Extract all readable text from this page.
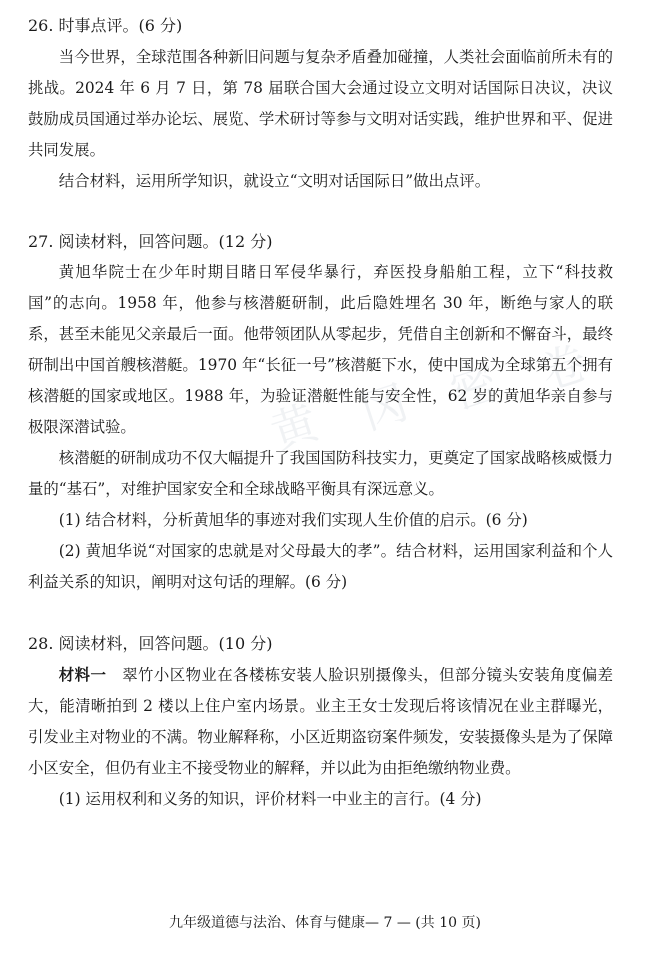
黄 冈 密 卷
26. 时事点评。(6 分)

当今世界，全球范围各种新旧问题与复杂矛盾叠加碰撞，人类社会面临前所未有的挑战。2024 年 6 月 7 日，第 78 届联合国大会通过设立文明对话国际日决议，决议鼓励成员国通过举办论坛、展览、学术研讨等参与文明对话实践，维护世界和平、促进共同发展。

结合材料，运用所学知识，就设立“文明对话国际日”做出点评。

27. 阅读材料，回答问题。(12 分)

黄旭华院士在少年时期目睹日军侵华暴行，弃医投身船舶工程，立下“科技救国”的志向。1958 年，他参与核潜艇研制，此后隐姓埋名 30 年，断绝与家人的联系，甚至未能见父亲最后一面。他带领团队从零起步，凭借自主创新和不懈奋斗，最终研制出中国首艘核潜艇。1970 年“长征一号”核潜艇下水，使中国成为全球第五个拥有核潜艇的国家或地区。1988 年，为验证潜艇性能与安全性，62 岁的黄旭华亲自参与极限深潜试验。

核潜艇的研制成功不仅大幅提升了我国国防科技实力，更奠定了国家战略核威慑力量的“基石”，对维护国家安全和全球战略平衡具有深远意义。

(1) 结合材料，分析黄旭华的事迹对我们实现人生价值的启示。(6 分)

(2) 黄旭华说“对国家的忠就是对父母最大的孝”。结合材料，运用国家利益和个人利益关系的知识，阐明对这句话的理解。(6 分)

28. 阅读材料，回答问题。(10 分)

材料一　翠竹小区物业在各楼栋安装人脸识别摄像头，但部分镜头安装角度偏差大，能清晰拍到 2 楼以上住户室内场景。业主王女士发现后将该情况在业主群曝光，引发业主对物业的不满。物业解释称，小区近期盗窃案件频发，安装摄像头是为了保障小区安全，但仍有业主不接受物业的解释，并以此为由拒绝缴纳物业费。

(1) 运用权利和义务的知识，评价材料一中业主的言行。(4 分)

九年级道德与法治、体育与健康— 7 — (共 10 页)
